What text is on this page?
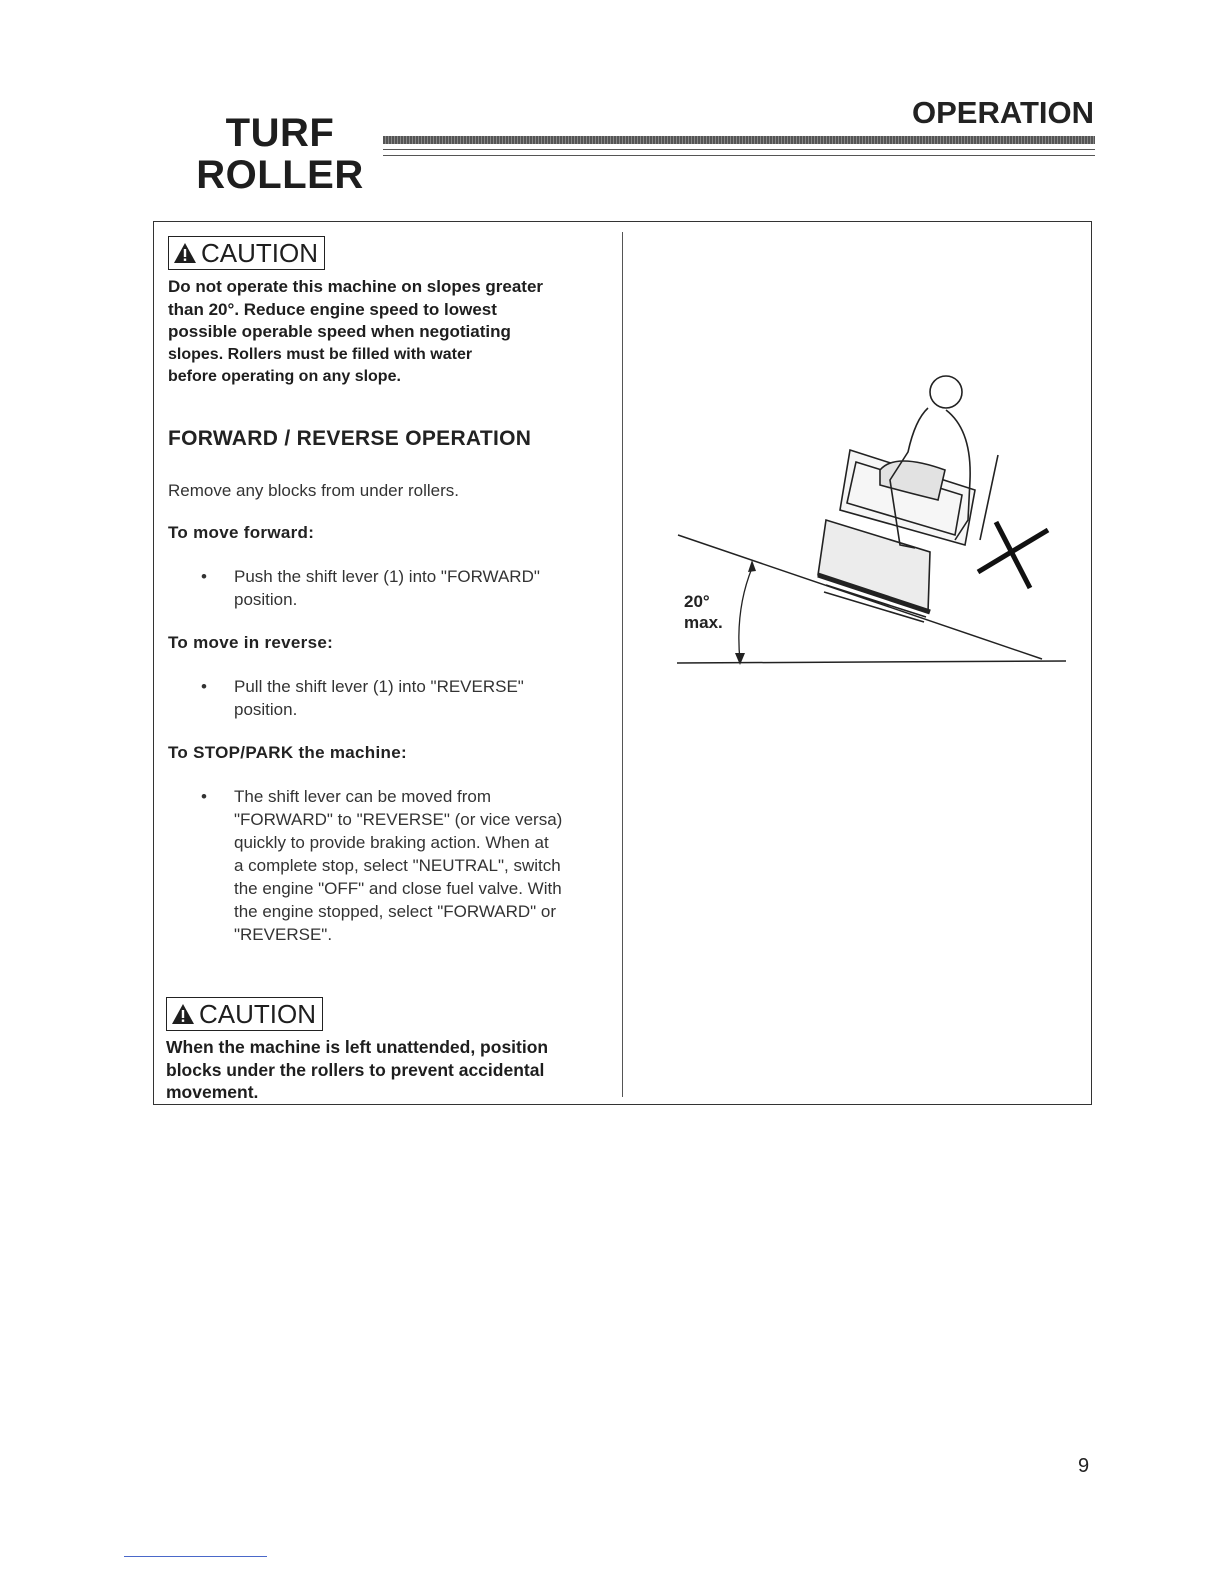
TURF
ROLLER
OPERATION
CAUTION
Do not operate this machine on slopes greater
than 20°. Reduce engine speed to lowest
possible operable speed when negotiating
slopes. Rollers must be filled with water
before operating on any slope.
FORWARD / REVERSE OPERATION
Remove any blocks from under rollers.
To move forward:
• Push the shift lever (1) into "FORWARD"
position.
To move in reverse:
• Pull the shift lever (1) into "REVERSE"
position.
To STOP/PARK the machine:
• The shift lever can be moved from
"FORWARD" to "REVERSE" (or vice versa)
quickly to provide braking action. When at
a complete stop, select "NEUTRAL", switch
the engine "OFF" and close fuel valve. With
the engine stopped, select "FORWARD" or
"REVERSE".
CAUTION
When the machine is left unattended, position
blocks under the rollers to prevent accidental
movement.
20°
max.
9
